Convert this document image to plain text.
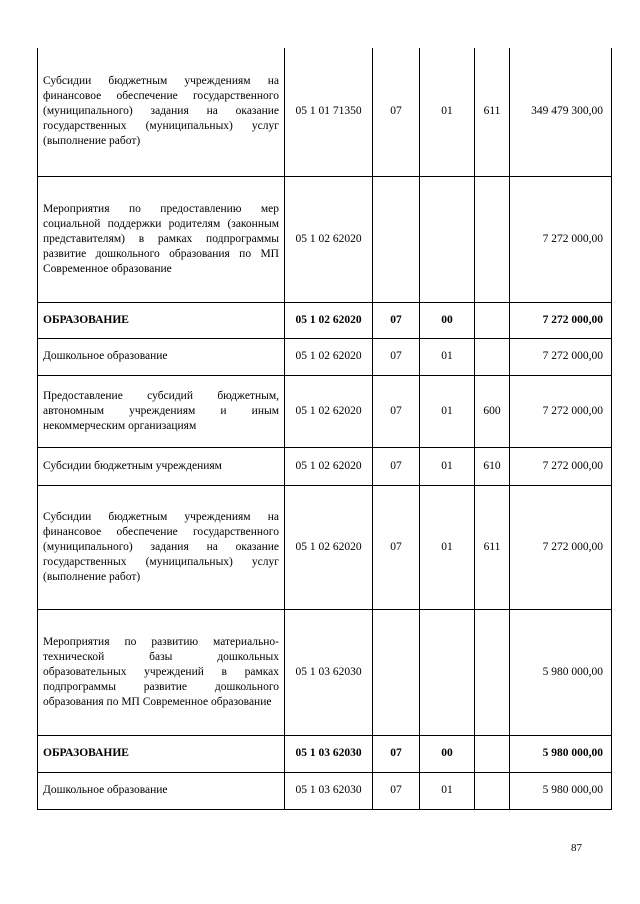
Субсидии бюджетным учреждениям на финансовое обеспечение государственного (муниципального) задания на оказание государственных (муниципальных) услуг (выполнение работ)	05 1 01 71350	07	01	611	349 479 300,00
Мероприятия по предоставлению мер социальной поддержки родителям (законным представителям) в рамках подпрограммы развитие дошкольного образования по МП Современное образование	05 1 02 62020				7 272 000,00
ОБРАЗОВАНИЕ	05 1 02 62020	07	00		7 272 000,00
Дошкольное образование	05 1 02 62020	07	01		7 272 000,00
Предоставление субсидий бюджетным, автономным учреждениям и иным некоммерческим организациям	05 1 02 62020	07	01	600	7 272 000,00
Субсидии бюджетным учреждениям	05 1 02 62020	07	01	610	7 272 000,00
Субсидии бюджетным учреждениям на финансовое обеспечение государственного (муниципального) задания на оказание государственных (муниципальных) услуг (выполнение работ)	05 1 02 62020	07	01	611	7 272 000,00
Мероприятия по развитию материально-технической базы дошкольных образовательных учреждений в рамках подпрограммы развитие дошкольного образования по МП Современное образование	05 1 03 62030				5 980 000,00
ОБРАЗОВАНИЕ	05 1 03 62030	07	00		5 980 000,00
Дошкольное образование	05 1 03 62030	07	01		5 980 000,00
87
